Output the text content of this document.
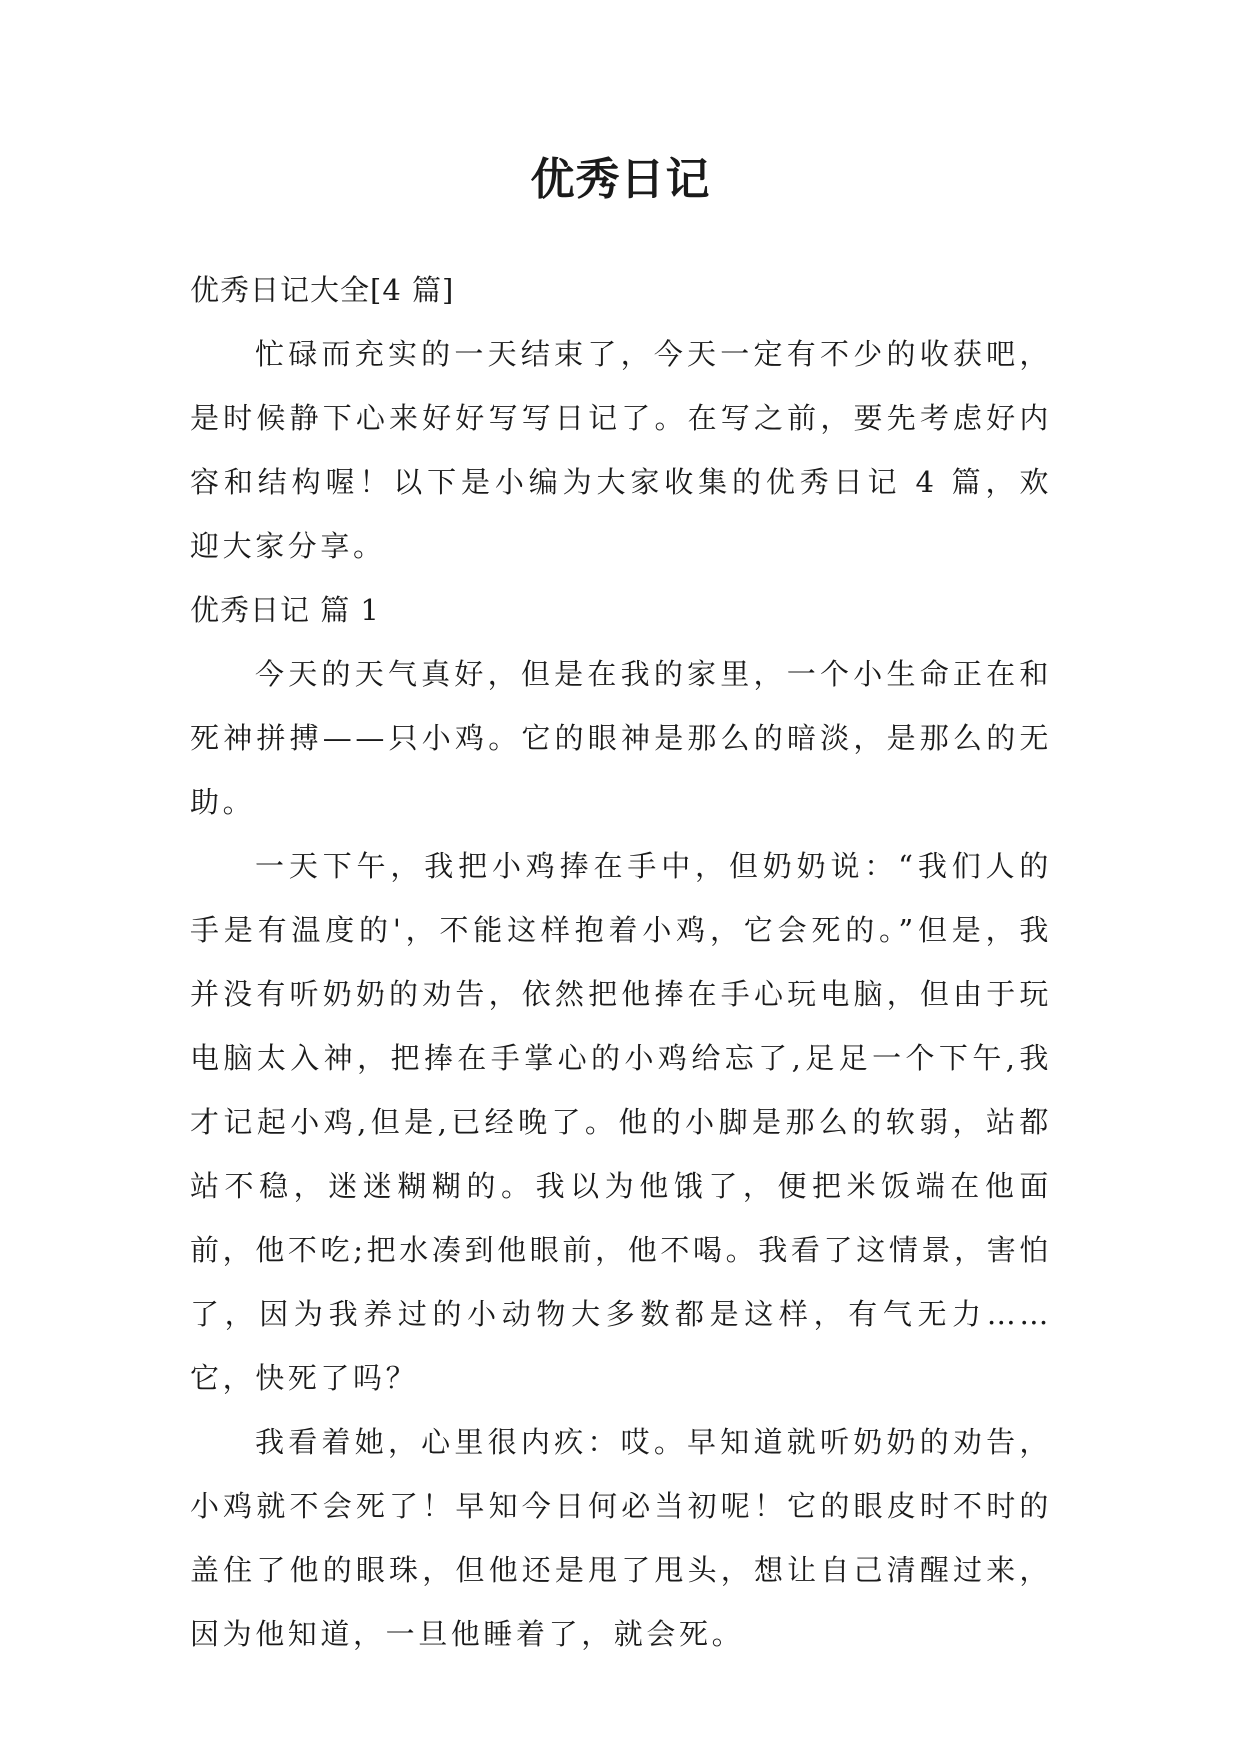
优秀日记

优秀日记大全[4 篇]

忙碌而充实的一天结束了，今天一定有不少的收获吧，是时候静下心来好好写写日记了。在写之前，要先考虑好内容和结构喔！以下是小编为大家收集的优秀日记 4 篇，欢迎大家分享。

优秀日记 篇 1

今天的天气真好，但是在我的家里，一个小生命正在和死神拼搏——只小鸡。它的眼神是那么的暗淡，是那么的无助。

一天下午，我把小鸡捧在手中，但奶奶说：“我们人的手是有温度的'，不能这样抱着小鸡，它会死的。”但是，我并没有听奶奶的劝告，依然把他捧在手心玩电脑，但由于玩电脑太入神，把捧在手掌心的小鸡给忘了,足足一个下午,我才记起小鸡,但是,已经晚了。他的小脚是那么的软弱，站都站不稳，迷迷糊糊的。我以为他饿了，便把米饭端在他面前，他不吃;把水凑到他眼前，他不喝。我看了这情景，害怕了，因为我养过的小动物大多数都是这样，有气无力……它，快死了吗？

我看着她，心里很内疚：哎。早知道就听奶奶的劝告，小鸡就不会死了！早知今日何必当初呢！它的眼皮时不时的盖住了他的眼珠，但他还是甩了甩头，想让自己清醒过来，因为他知道，一旦他睡着了，就会死。
